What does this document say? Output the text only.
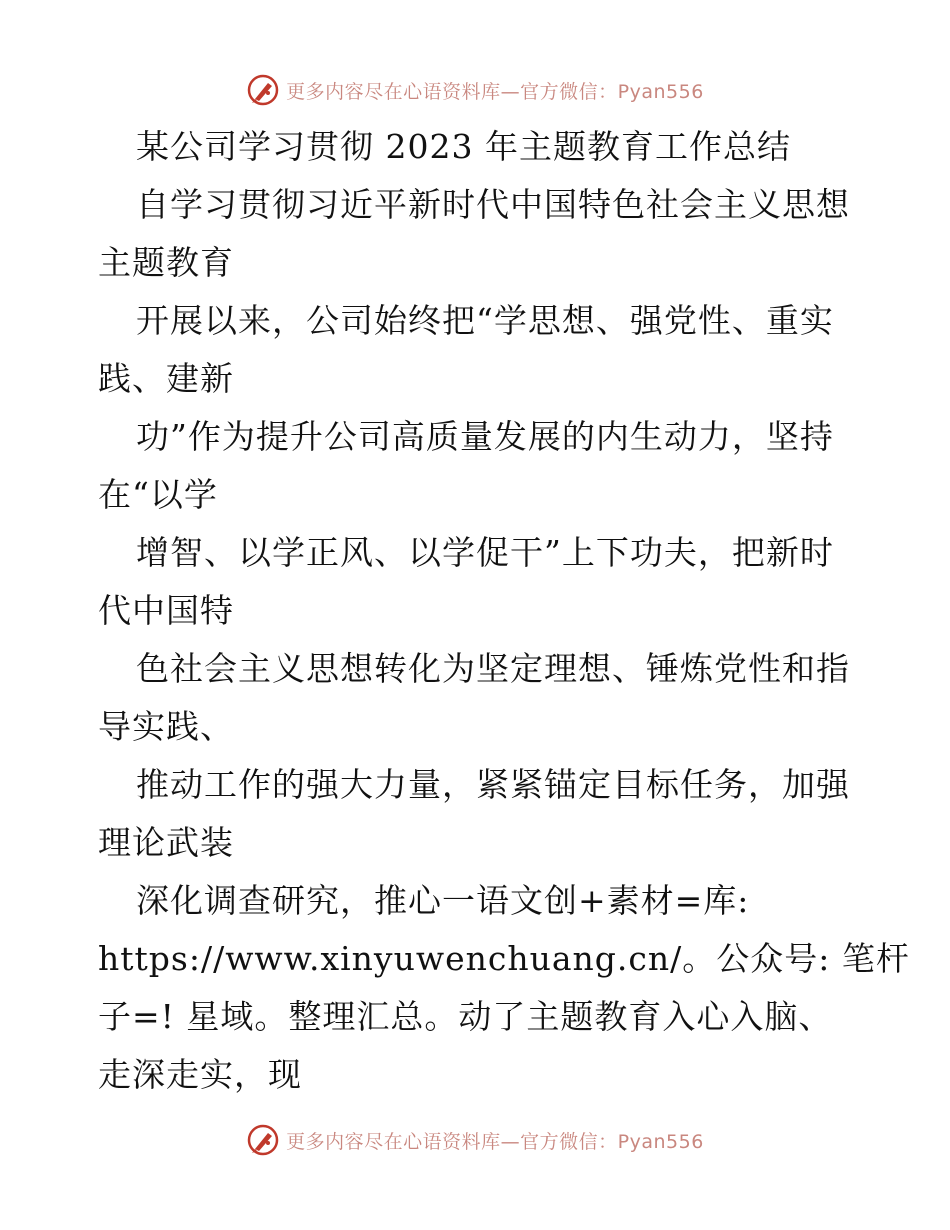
更多内容尽在心语资料库—官方微信：Pyan556
某公司学习贯彻 2023 年主题教育工作总结
自学习贯彻习近平新时代中国特色社会主义思想
主题教育
开展以来，公司始终把“学思想、强党性、重实
践、建新
功”作为提升公司高质量发展的内生动力，坚持
在“以学
增智、以学正风、以学促干”上下功夫，把新时
代中国特
色社会主义思想转化为坚定理想、锤炼党性和指
导实践、
推动工作的强大力量，紧紧锚定目标任务，加强
理论武装
深化调查研究，推心一语文创+素材=库:
https://www.xinyuwenchuang.cn/。公众号: 笔杆
子=! 星域。整理汇总。动了主题教育入心入脑、
走深走实，现
更多内容尽在心语资料库—官方微信：Pyan556
